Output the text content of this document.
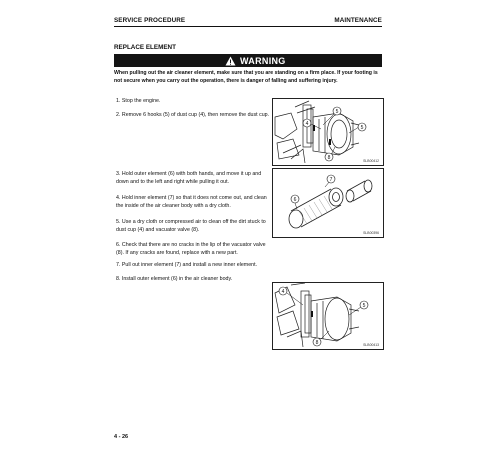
SERVICE PROCEDURE	MAINTENANCE
REPLACE ELEMENT
WARNING
When pulling out the air cleaner element, make sure that you are standing on a firm place. If your footing is not secure when you carry out the operation, there is danger of falling and suffering injury.
1. Stop the engine.
2. Remove 6 hooks (5) of dust cup (4), then remove the dust cup.
3. Hold outer element (6) with both hands, and move it up and down and to the left and right while pulling it out.
4. Hold inner element (7) so that it does not come out, and clean the inside of the air cleaner body with a dry cloth.
5. Use a dry cloth or compressed air to clean off the dirt stuck to dust cup (4) and vacuator valve (8).
6. Check that there are no cracks in the lip of the vacuator valve (8). If any cracks are found, replace with a new part.
7. Pull out inner element (7) and install a new inner element.
8. Install outer element (6) in the air cleaner body.
5
4
5
8	SLB00412
7
6
SLB00396
4
5
8	SLB00413
4 - 26
